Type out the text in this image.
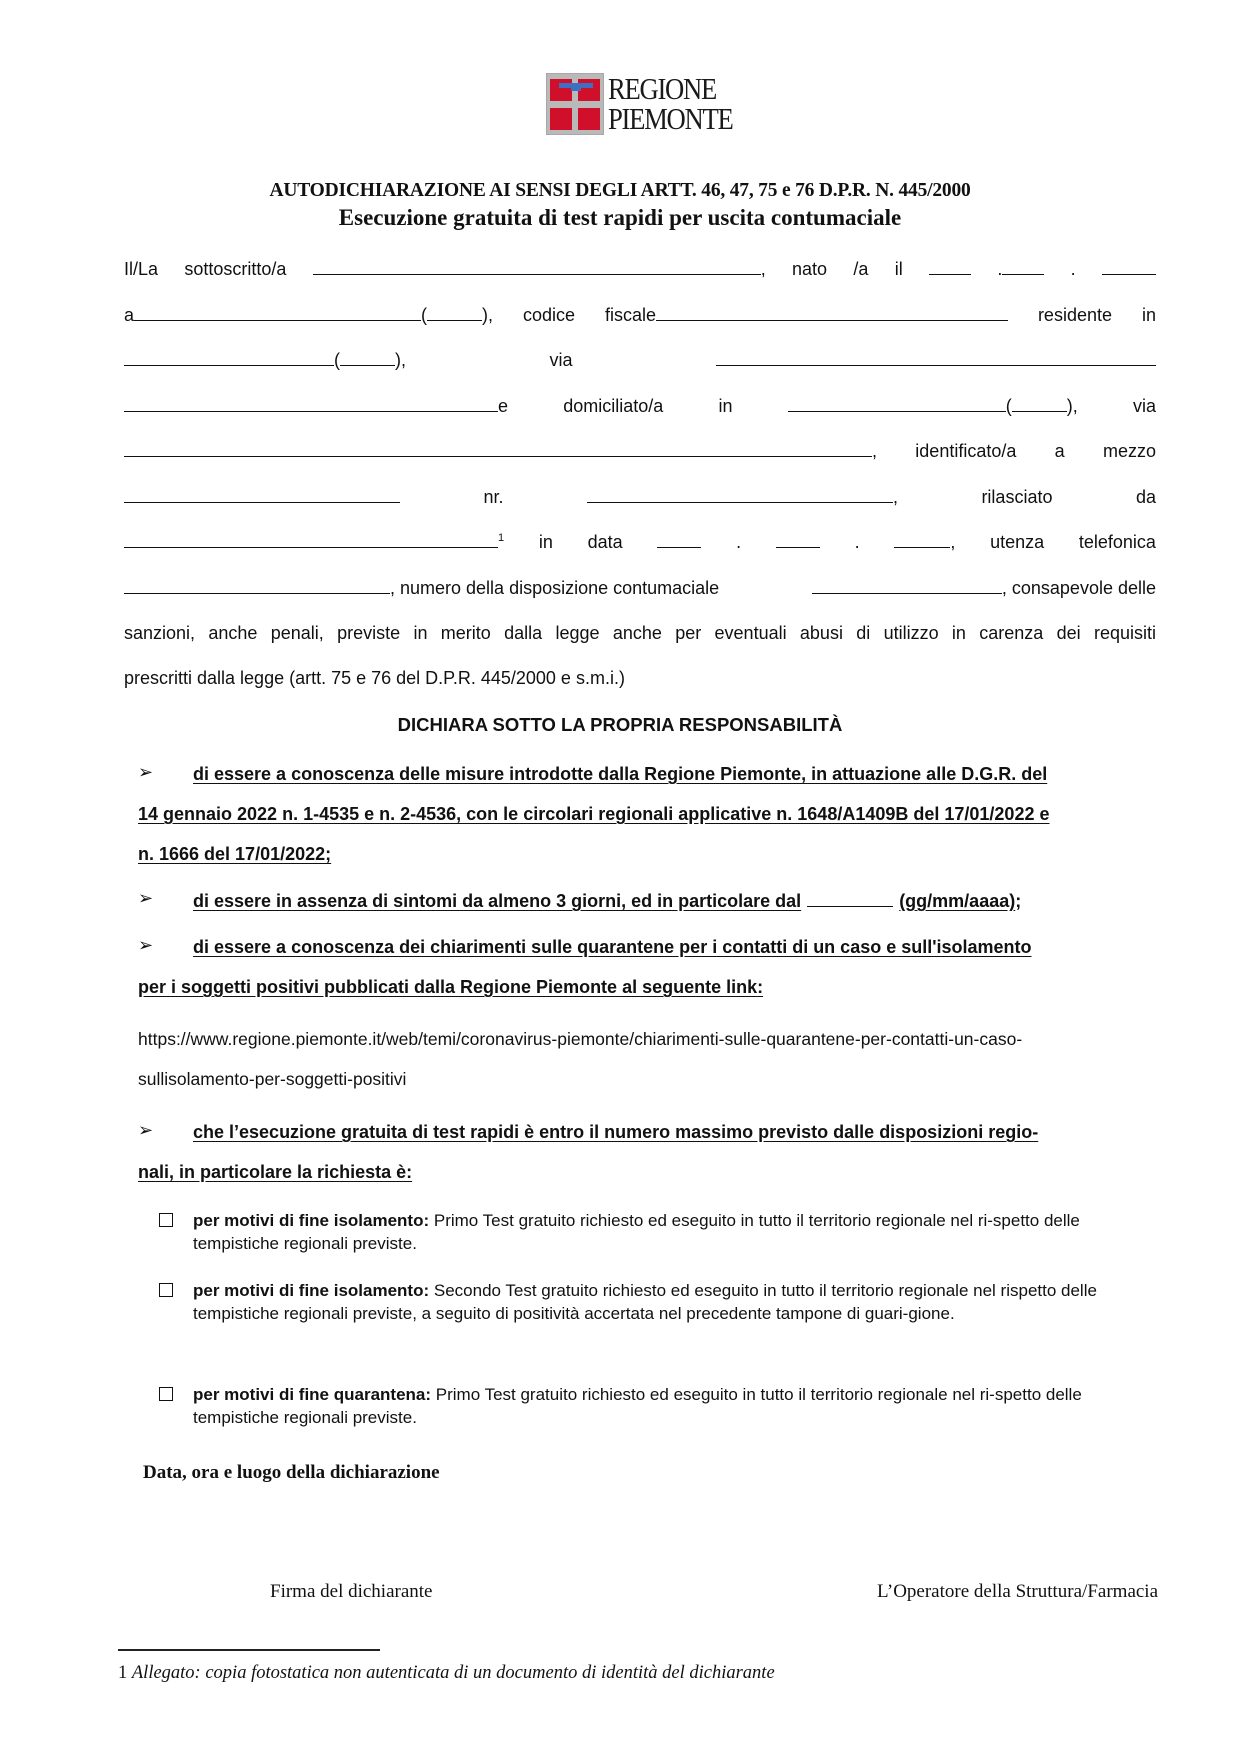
REGIONE
PIEMONTE
AUTODICHIARAZIONE AI SENSI DEGLI ARTT. 46, 47, 75 e 76 D.P.R. N. 445/2000
Esecuzione gratuita di test rapidi per uscita contumaciale
Il/La sottoscritto/a	, nato /a il	.	.
a	(	), codice fiscale	residente in
(	),	via
e	domiciliato/a	in	(	),	via
, identificato/a a mezzo
nr.	,	rilasciato	da
$^1$ in data	.	.	, utenza telefonica
, numero della disposizione contumaciale	, consapevole delle
sanzioni, anche penali, previste in merito dalla legge anche per eventuali abusi di utilizzo in carenza dei requisiti
prescritti dalla legge (artt. 75 e 76 del D.P.R. 445/2000 e s.m.i.)
DICHIARA SOTTO LA PROPRIA RESPONSABILITÀ
➢ di essere a conoscenza delle misure introdotte dalla Regione Piemonte, in attuazione alle D.G.R. del
14 gennaio 2022 n. 1-4535 e n. 2-4536, con le circolari regionali applicative n. 1648/A1409B del 17/01/2022 e
n. 1666 del 17/01/2022;
➢ di essere in assenza di sintomi da almeno 3 giorni, ed in particolare dal	(gg/mm/aaaa);
➢ di essere a conoscenza dei chiarimenti sulle quarantene per i contatti di un caso e sull'isolamento
per i soggetti positivi pubblicati dalla Regione Piemonte al seguente link:
https://www.regione.piemonte.it/web/temi/coronavirus-piemonte/chiarimenti-sulle-quarantene-per-contatti-un-caso-
sullisolamento-per-soggetti-positivi
➢ che l’esecuzione gratuita di test rapidi è entro il numero massimo previsto dalle disposizioni regio-
nali, in particolare la richiesta è:
per motivi di fine isolamento: Primo Test gratuito richiesto ed eseguito in tutto il territorio regionale nel ri-spetto delle tempistiche regionali previste.
per motivi di fine isolamento: Secondo Test gratuito richiesto ed eseguito in tutto il territorio regionale nel rispetto delle tempistiche regionali previste, a seguito di positività accertata nel precedente tampone di guari-gione.
per motivi di fine quarantena: Primo Test gratuito richiesto ed eseguito in tutto il territorio regionale nel ri-spetto delle tempistiche regionali previste.
Data, ora e luogo della dichiarazione
Firma del dichiarante	L’Operatore della Struttura/Farmacia
1 Allegato: copia fotostatica non autenticata di un documento di identità del dichiarante
